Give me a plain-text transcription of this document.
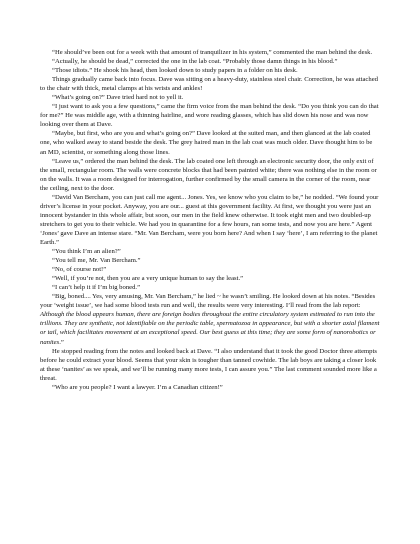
“He should’ve been out for a week with that amount of tranquilizer in his system,” commented the man behind the desk.

“Actually, he should be dead,” corrected the one in the lab coat. “Probably those damn things in his blood.”

“Those idiots.” He shook his head, then looked down to study papers in a folder on his desk.

Things gradually came back into focus. Dave was sitting on a heavy-duty, stainless steel chair. Correction, he was attached to the chair with thick, metal clamps at his wrists and ankles!

“What’s going on?” Dave tried hard not to yell it.

“I just want to ask you a few questions,” came the firm voice from the man behind the desk. “Do you think you can do that for me?” He was middle age, with a thinning hairline, and wore reading glasses, which has slid down his nose and was now looking over them at Dave.

“Maybe, but first, who are you and what’s going on?” Dave looked at the suited man, and then glanced at the lab coated one, who walked away to stand beside the desk. The grey haired man in the lab coat was much older. Dave thought him to be an MD, scientist, or something along those lines.

“Leave us,” ordered the man behind the desk. The lab coated one left through an electronic security door, the only exit of the small, rectangular room. The walls were concrete blocks that had been painted white; there was nothing else in the room or on the walls. It was a room designed for interrogation, further confirmed by the small camera in the corner of the room, near the ceiling, next to the door.

“David Van Bercham, you can just call me agent... Jones. Yes, we know who you claim to be,” he nodded. “We found your driver’s license in your pocket. Anyway, you are our... guest at this government facility. At first, we thought you were just an innocent bystander in this whole affair, but soon, our men in the field knew otherwise. It took eight men and two doubled-up stretchers to get you to their vehicle. We had you in quarantine for a few hours, ran some tests, and now you are here.” Agent ‘Jones’ gave Dave an intense stare. “Mr. Van Bercham, were you born here? And when I say ‘here’, I am referring to the planet Earth.”

“You think I’m an alien?”

“You tell me, Mr. Van Bercham.”

“No, of course not!”

“Well, if you’re not, then you are a very unique human to say the least.”

“I can’t help it if I’m big boned.”

“Big, boned.... Yes, very amusing, Mr. Van Bercham,” he lied ~ he wasn’t smiling. He looked down at his notes. “Besides your ‘weight issue’, we had some blood tests run and well, the results were very interesting. I’ll read from the lab report: Although the blood appears human, there are foreign bodies throughout the entire circulatory system estimated to run into the trillions. They are synthetic, not identifiable on the periodic table, spermatozoa in appearance, but with a shorter axial filament or tail, which facilitates movement at an exceptional speed. Our best guess at this time; they are some form of nanorobotics or nanites.”

He stopped reading from the notes and looked back at Dave. “I also understand that it took the good Doctor three attempts before he could extract your blood. Seems that your skin is tougher than tanned cowhide. The lab boys are taking a closer look at these ‘nanites’ as we speak, and we’ll be running many more tests, I can assure you.” The last comment sounded more like a threat.

“Who are you people? I want a lawyer. I’m a Canadian citizen!”
